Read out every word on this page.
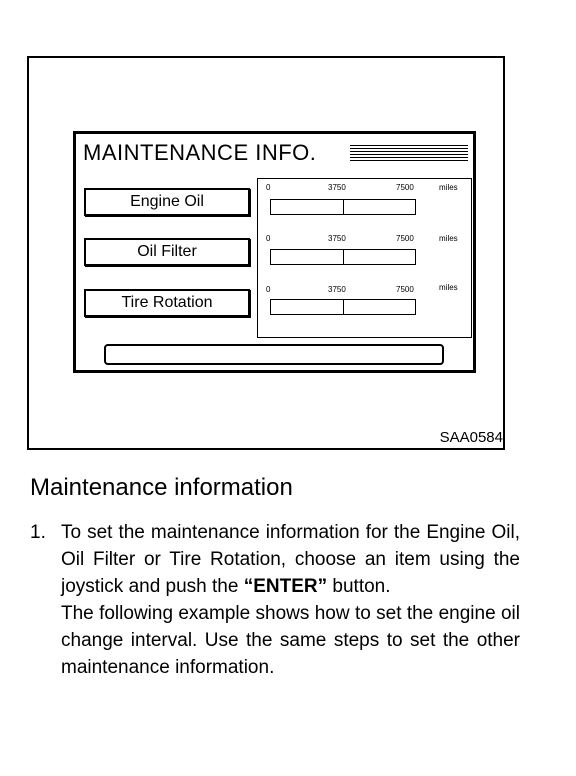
MAINTENANCE INFO.
Engine Oil
Oil Filter
Tire Rotation
0	3750	7500	miles
0	3750	7500	miles
0	3750	7500	miles
SAA0584
Maintenance information
1. To set the maintenance information for the Engine Oil, Oil Filter or Tire Rotation, choose an item using the joystick and push the “ENTER” button.

The following example shows how to set the engine oil change interval. Use the same steps to set the other maintenance information.
